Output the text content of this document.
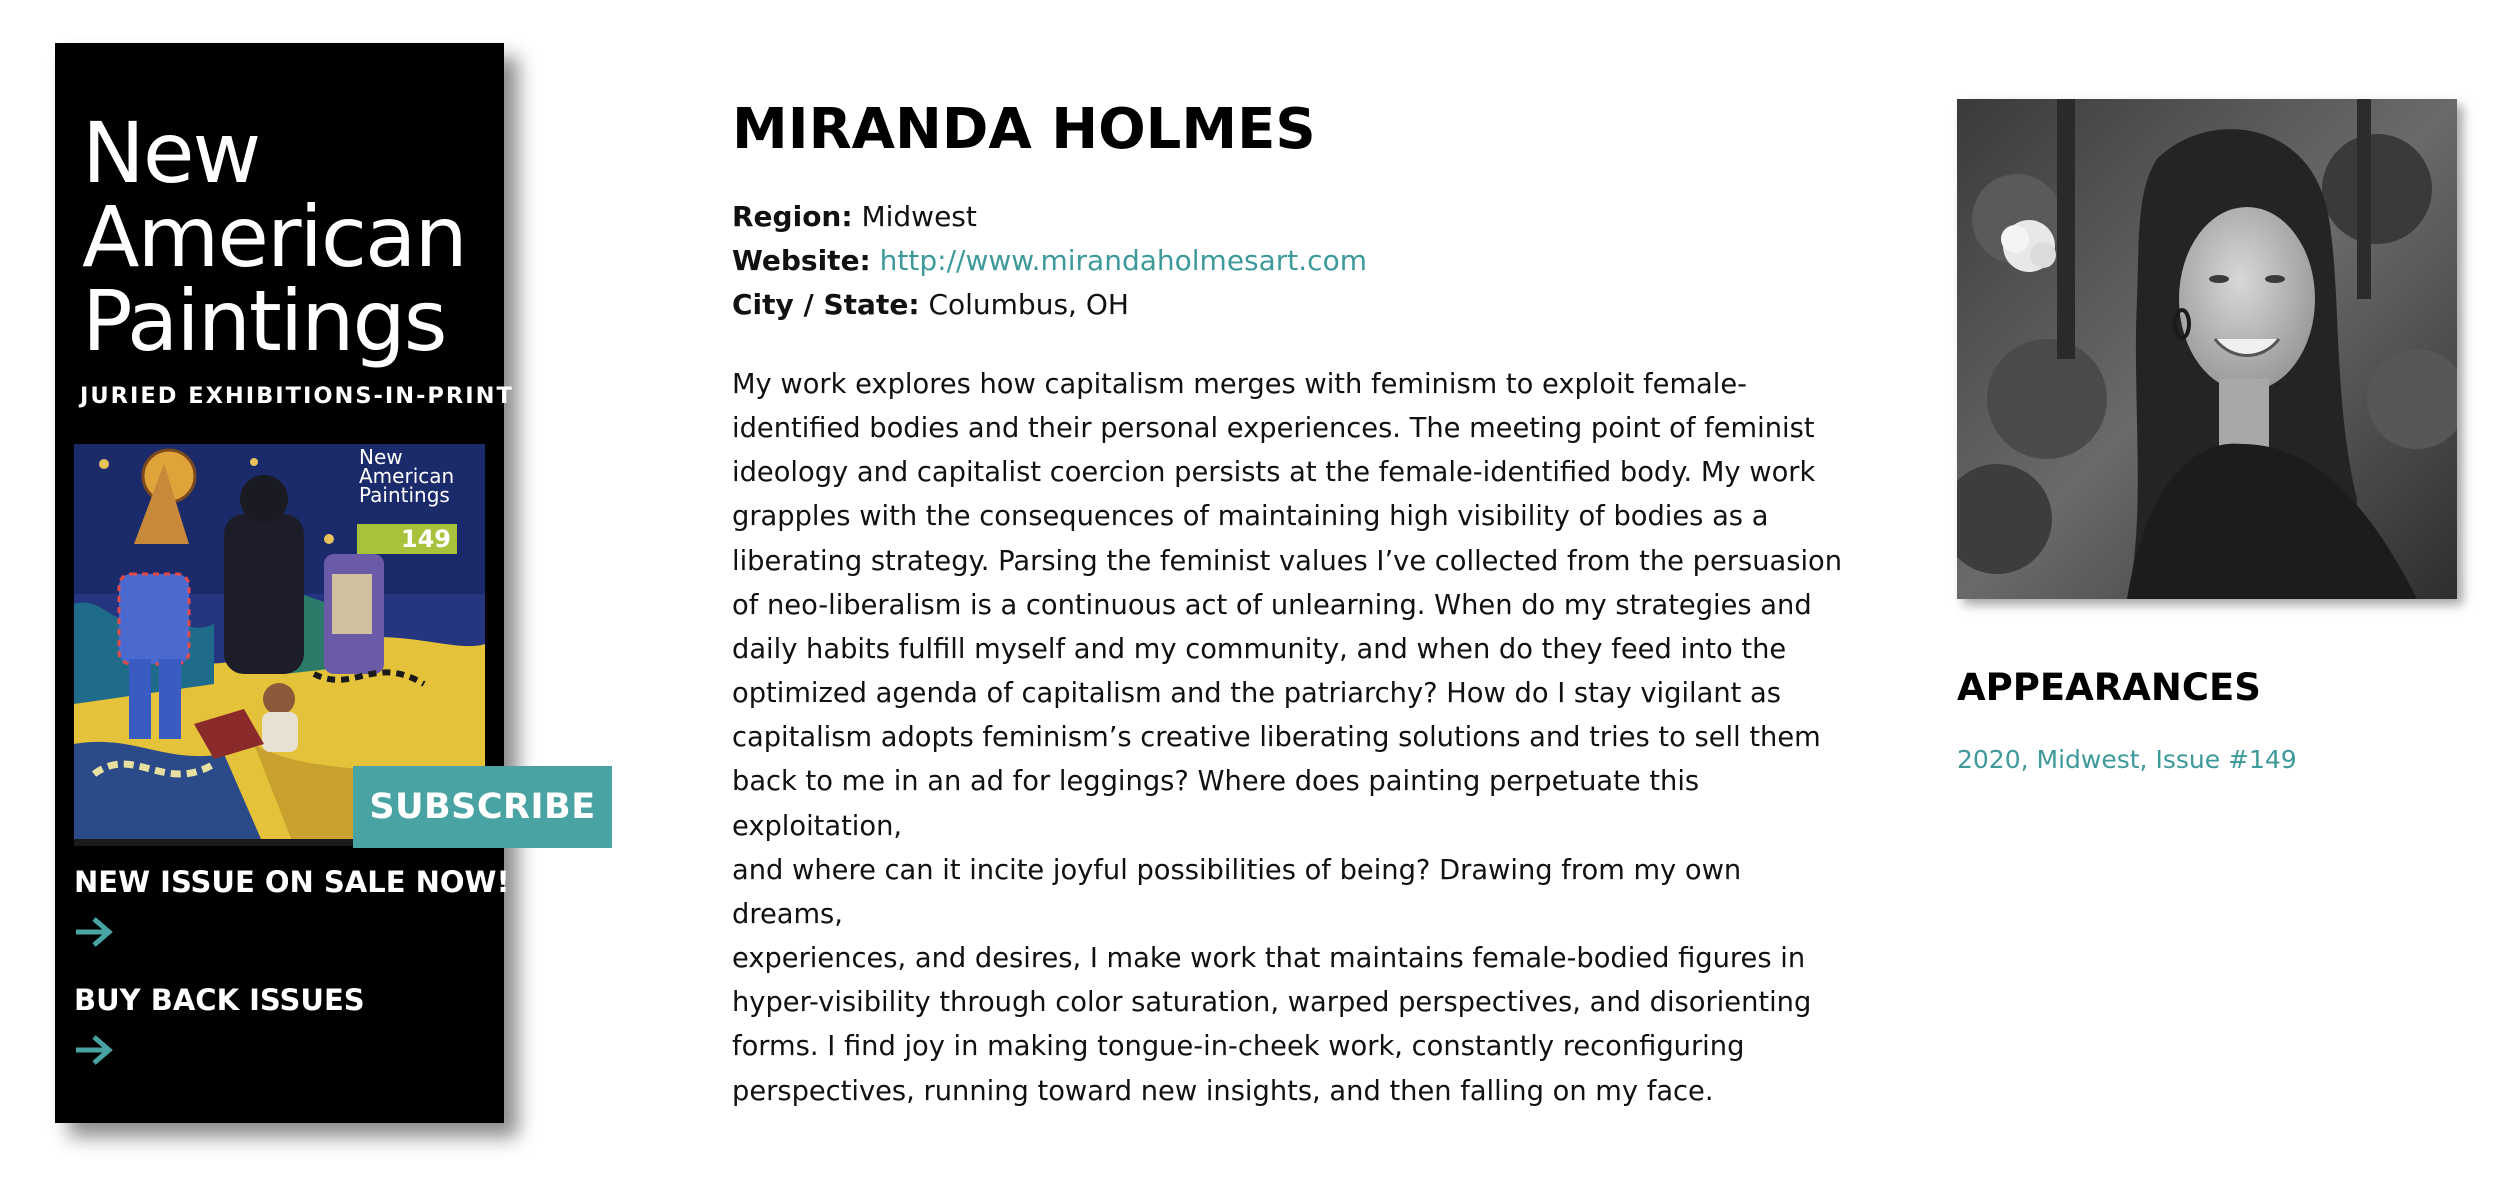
New
American
Paintings
JURIED EXHIBITIONS-IN-PRINT
New
American
Paintings
149
NEW ISSUE ON SALE NOW!
BUY BACK ISSUES
SUBSCRIBE
MIRANDA HOLMES
Region: Midwest
Website: http://www.mirandaholmesart.com
City / State: Columbus, OH

My work explores how capitalism merges with feminism to exploit female-
identified bodies and their personal experiences. The meeting point of feminist
ideology and capitalist coercion persists at the female-identified body. My work
grapples with the consequences of maintaining high visibility of bodies as a
liberating strategy. Parsing the feminist values I’ve collected from the persuasion
of neo-liberalism is a continuous act of unlearning. When do my strategies and
daily habits fulfill myself and my community, and when do they feed into the
optimized agenda of capitalism and the patriarchy? How do I stay vigilant as
capitalism adopts feminism’s creative liberating solutions and tries to sell them
back to me in an ad for leggings? Where does painting perpetuate this exploitation,
and where can it incite joyful possibilities of being? Drawing from my own dreams,
experiences, and desires, I make work that maintains female-bodied figures in
hyper-visibility through color saturation, warped perspectives, and disorienting
forms. I find joy in making tongue-in-cheek work, constantly reconfiguring
perspectives, running toward new insights, and then falling on my face.

APPEARANCES
2020, Midwest, Issue #149
